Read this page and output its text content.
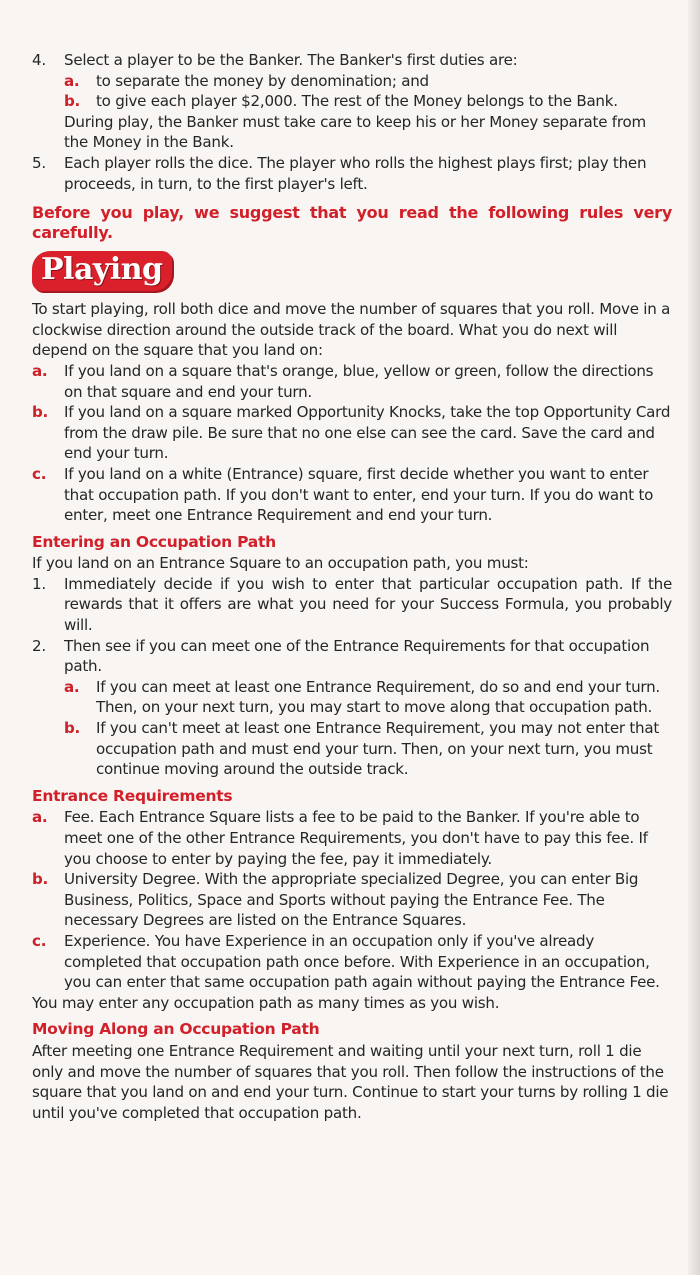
4.	Select a player to be the Banker. The Banker's first duties are:
a.	to separate the money by denomination; and
b.	to give each player $2,000. The rest of the Money belongs to the Bank.
During play, the Banker must take care to keep his or her Money separate from the Money in the Bank.
5.	Each player rolls the dice. The player who rolls the highest plays first; play then proceeds, in turn, to the first player's left.
Before you play, we suggest that you read the following rules very carefully.
Playing
To start playing, roll both dice and move the number of squares that you roll. Move in a clockwise direction around the outside track of the board. What you do next will depend on the square that you land on:
a.	If you land on a square that's orange, blue, yellow or green, follow the directions on that square and end your turn.
b.	If you land on a square marked Opportunity Knocks, take the top Opportunity Card from the draw pile. Be sure that no one else can see the card. Save the card and end your turn.
c.	If you land on a white (Entrance) square, first decide whether you want to enter that occupation path. If you don't want to enter, end your turn. If you do want to enter, meet one Entrance Requirement and end your turn.
Entering an Occupation Path
If you land on an Entrance Square to an occupation path, you must:
1.	Immediately decide if you wish to enter that particular occupation path. If the rewards that it offers are what you need for your Success Formula, you probably will.
2.	Then see if you can meet one of the Entrance Requirements for that occupation path.
a.	If you can meet at least one Entrance Requirement, do so and end your turn. Then, on your next turn, you may start to move along that occupation path.
b.	If you can't meet at least one Entrance Requirement, you may not enter that occupation path and must end your turn. Then, on your next turn, you must continue moving around the outside track.
Entrance Requirements
a.	Fee. Each Entrance Square lists a fee to be paid to the Banker. If you're able to meet one of the other Entrance Requirements, you don't have to pay this fee. If you choose to enter by paying the fee, pay it immediately.
b.	University Degree. With the appropriate specialized Degree, you can enter Big Business, Politics, Space and Sports without paying the Entrance Fee. The necessary Degrees are listed on the Entrance Squares.
c.	Experience. You have Experience in an occupation only if you've already completed that occupation path once before. With Experience in an occupation, you can enter that same occupation path again without paying the Entrance Fee.
You may enter any occupation path as many times as you wish.
Moving Along an Occupation Path
After meeting one Entrance Requirement and waiting until your next turn, roll 1 die only and move the number of squares that you roll. Then follow the instructions of the square that you land on and end your turn. Continue to start your turns by rolling 1 die until you've completed that occupation path.
